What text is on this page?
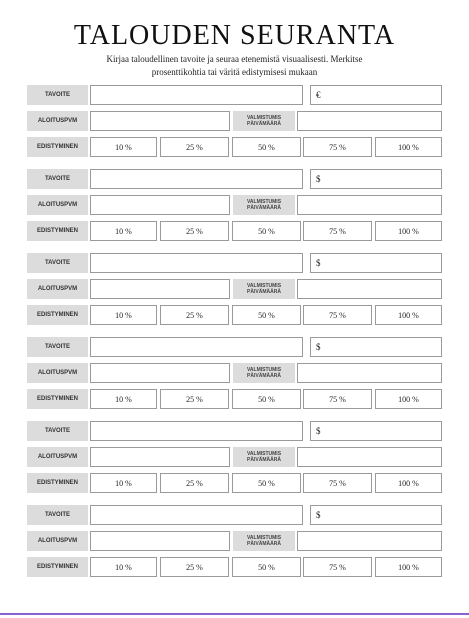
TALOUDEN SEURANTA
Kirjaa taloudellinen tavoite ja seuraa etenemistä visuaalisesti. Merkitse
prosenttikohtia tai väritä edistymisesi mukaan
TAVOITE	€
ALOITUSPVM	VALMISTUMIS
PÄIVÄMÄÄRÄ
EDISTYMINEN	10 %	25 %	50 %	75 %	100 %
TAVOITE	$
ALOITUSPVM	VALMISTUMIS
PÄIVÄMÄÄRÄ
EDISTYMINEN	10 %	25 %	50 %	75 %	100 %
TAVOITE	$
ALOITUSPVM	VALMISTUMIS
PÄIVÄMÄÄRÄ
EDISTYMINEN	10 %	25 %	50 %	75 %	100 %
TAVOITE	$
ALOITUSPVM	VALMISTUMIS
PÄIVÄMÄÄRÄ
EDISTYMINEN	10 %	25 %	50 %	75 %	100 %
TAVOITE	$
ALOITUSPVM	VALMISTUMIS
PÄIVÄMÄÄRÄ
EDISTYMINEN	10 %	25 %	50 %	75 %	100 %
TAVOITE	$
ALOITUSPVM	VALMISTUMIS
PÄIVÄMÄÄRÄ
EDISTYMINEN	10 %	25 %	50 %	75 %	100 %
